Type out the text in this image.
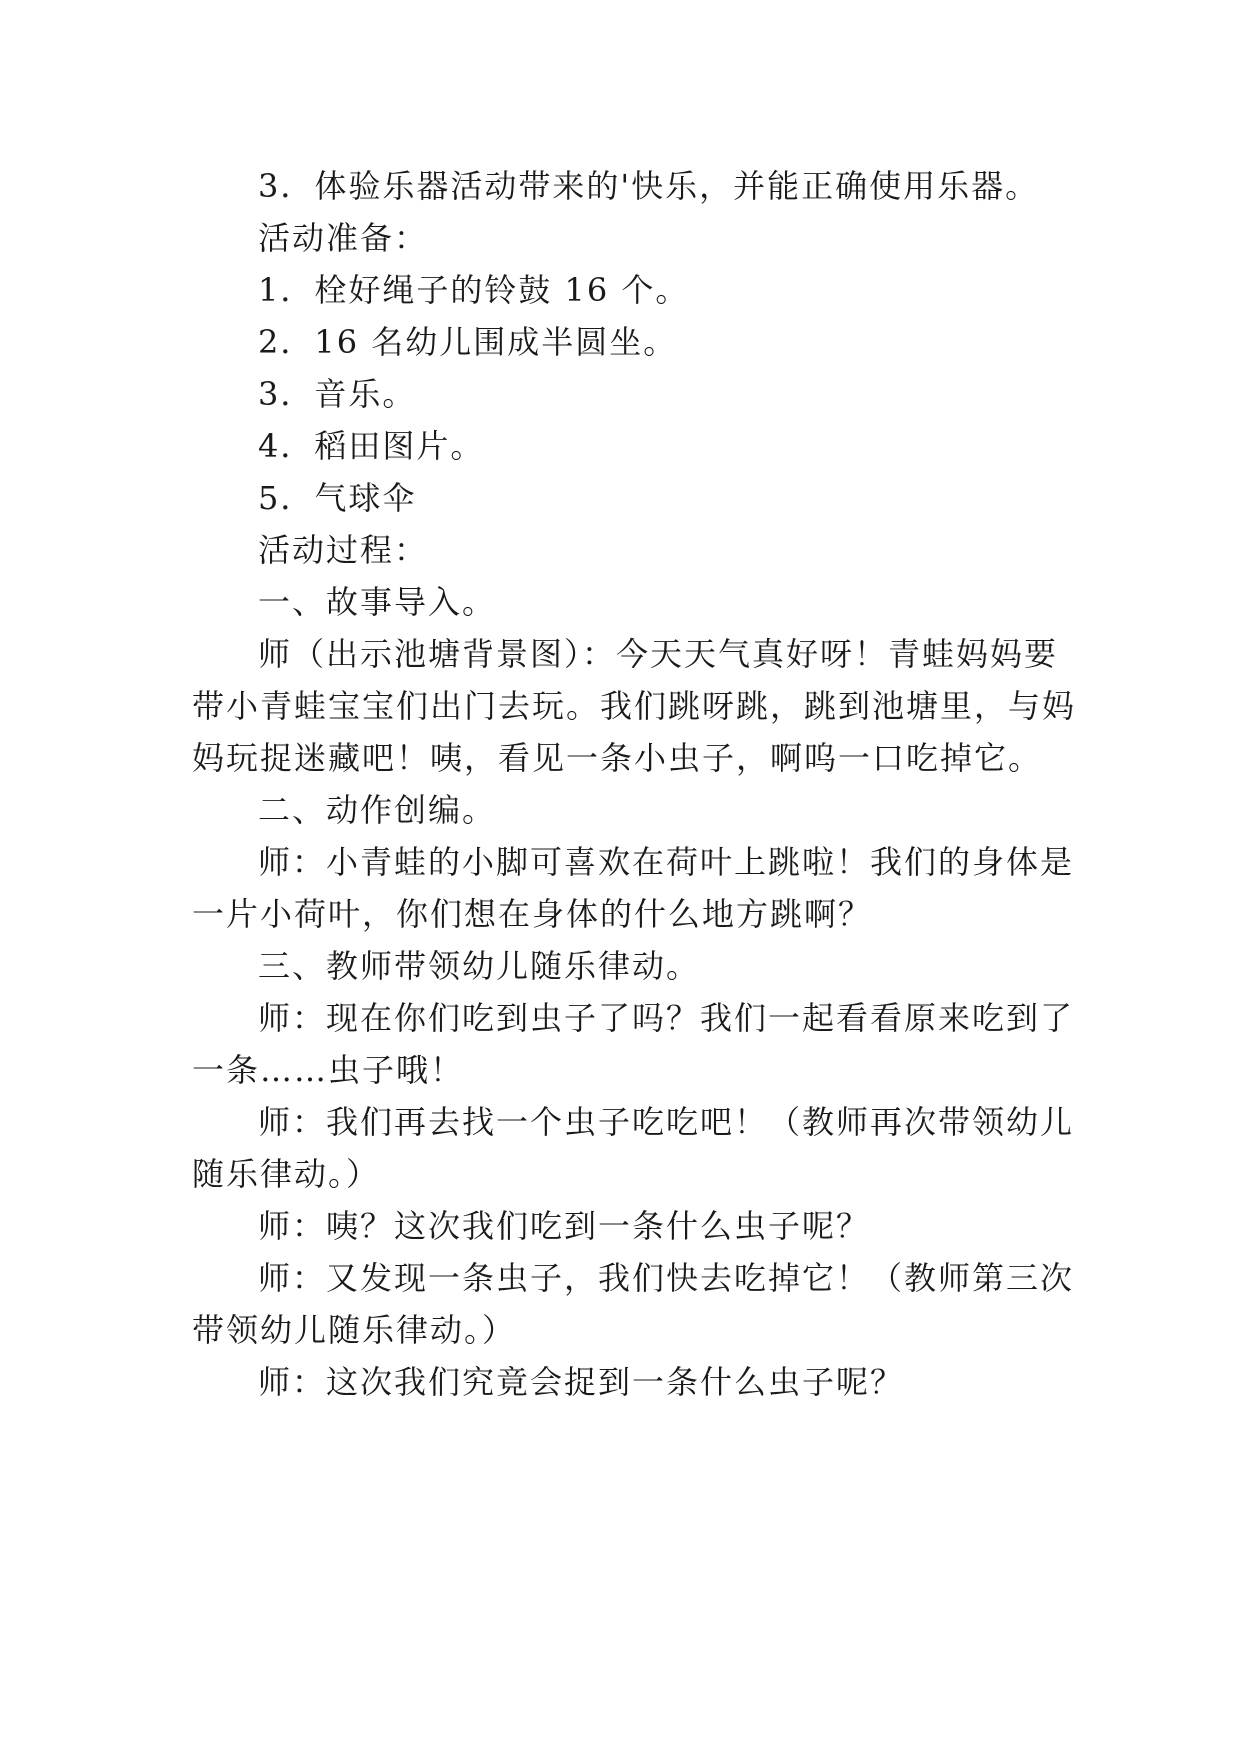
3．体验乐器活动带来的'快乐，并能正确使用乐器。
活动准备：
1．栓好绳子的铃鼓 16 个。
2．16 名幼儿围成半圆坐。
3．音乐。
4．稻田图片。
5．气球伞
活动过程：
一、故事导入。
师（出示池塘背景图）：今天天气真好呀！青蛙妈妈要
带小青蛙宝宝们出门去玩。我们跳呀跳，跳到池塘里，与妈
妈玩捉迷藏吧！咦，看见一条小虫子，啊呜一口吃掉它。
二、动作创编。
师：小青蛙的小脚可喜欢在荷叶上跳啦！我们的身体是
一片小荷叶，你们想在身体的什么地方跳啊？
三、教师带领幼儿随乐律动。
师：现在你们吃到虫子了吗？我们一起看看原来吃到了
一条……虫子哦！
师：我们再去找一个虫子吃吃吧！（教师再次带领幼儿
随乐律动。）
师：咦？这次我们吃到一条什么虫子呢？
师：又发现一条虫子，我们快去吃掉它！（教师第三次
带领幼儿随乐律动。）
师：这次我们究竟会捉到一条什么虫子呢？
